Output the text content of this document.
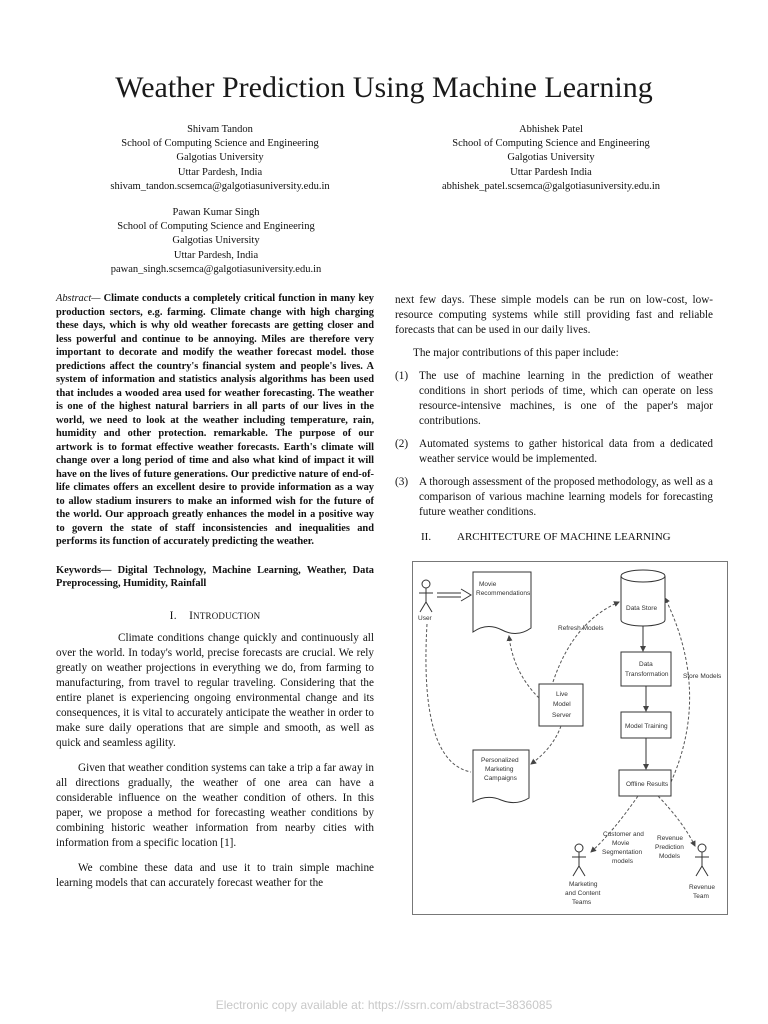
Weather Prediction Using Machine Learning
Shivam Tandon
School of Computing Science and Engineering
Galgotias University
Uttar Pardesh, India
shivam_tandon.scsemca@galgotiasuniversity.edu.in
Abhishek Patel
School of Computing Science and Engineering
Galgotias University
Uttar Pardesh India
abhishek_patel.scsemca@galgotiasuniversity.edu.in
Pawan Kumar Singh
School of Computing Science and Engineering
Galgotias University
Uttar Pardesh, India
pawan_singh.scsemca@galgotiasuniversity.edu.in

Abstract— Climate conducts a completely critical function in many key production sectors, e.g. farming. Climate change with high charging these days, which is why old weather forecasts are getting closer and less powerful and continue to be annoying. Miles are therefore very important to decorate and modify the weather forecast model. those predictions affect the country's financial system and people's lives. A system of information and statistics analysis algorithms has been used that includes a wooded area used for weather forecasting. The weather is one of the highest natural barriers in all parts of our lives in the world, we need to look at the weather including temperature, rain, humidity and other protection. remarkable. The purpose of our artwork is to format effective weather forecasts. Earth's climate will change over a long period of time and also what kind of impact it will have on the lives of future generations. Our predictive nature of end-of-life climates offers an excellent desire to provide information as a way to allow stadium insurers to make an informed wish for the future of the world. Our approach greatly enhances the model in a positive way to govern the state of staff inconsistencies and inequalities and performs its function of accurately predicting the weather.

Keywords— Digital Technology, Machine Learning, Weather, Data Preprocessing, Humidity, Rainfall

I. INTRODUCTION

Climate conditions change quickly and continuously all over the world. In today's world, precise forecasts are crucial. We rely greatly on weather projections in everything we do, from farming to manufacturing, from travel to regular traveling. Considering that the entire planet is experiencing ongoing environmental change and its consequences, it is vital to accurately anticipate the weather in order to make sure daily operations that are simple and smooth, as well as quick and seamless agility.

Given that weather condition systems can take a trip a far away in all directions gradually, the weather of one area can have a considerable influence on the weather condition of others. In this paper, we propose a method for forecasting weather conditions by combining historic weather information from nearby cities with information from a specific location [1].

We combine these data and use it to train simple machine learning models that can accurately forecast weather for the

next few days. These simple models can be run on low-cost, low-resource computing systems while still providing fast and reliable forecasts that can be used in our daily lives.

The major contributions of this paper include:

(1) The use of machine learning in the prediction of weather conditions in short periods of time, which can operate on less resource-intensive machines, is one of the paper's major contributions.
(2) Automated systems to gather historical data from a dedicated weather service would be implemented.
(3) A thorough assessment of the proposed methodology, as well as a comparison of various machine learning models for forecasting future weather conditions.
II.	ARCHITECTURE OF MACHINE LEARNING
User
Movie
Recommendations
Data Store
Refresh Models
Data
Transformation Store Models
Live
Model
Server
Model Training
Personalized
Marketing
Campaigns
Offline Results
Customer and
Movie
Segmentation
models
Revenue
Prediction
Models
Marketing
and Content
Teams
Revenue
Team
Electronic copy available at: https://ssrn.com/abstract=3836085
